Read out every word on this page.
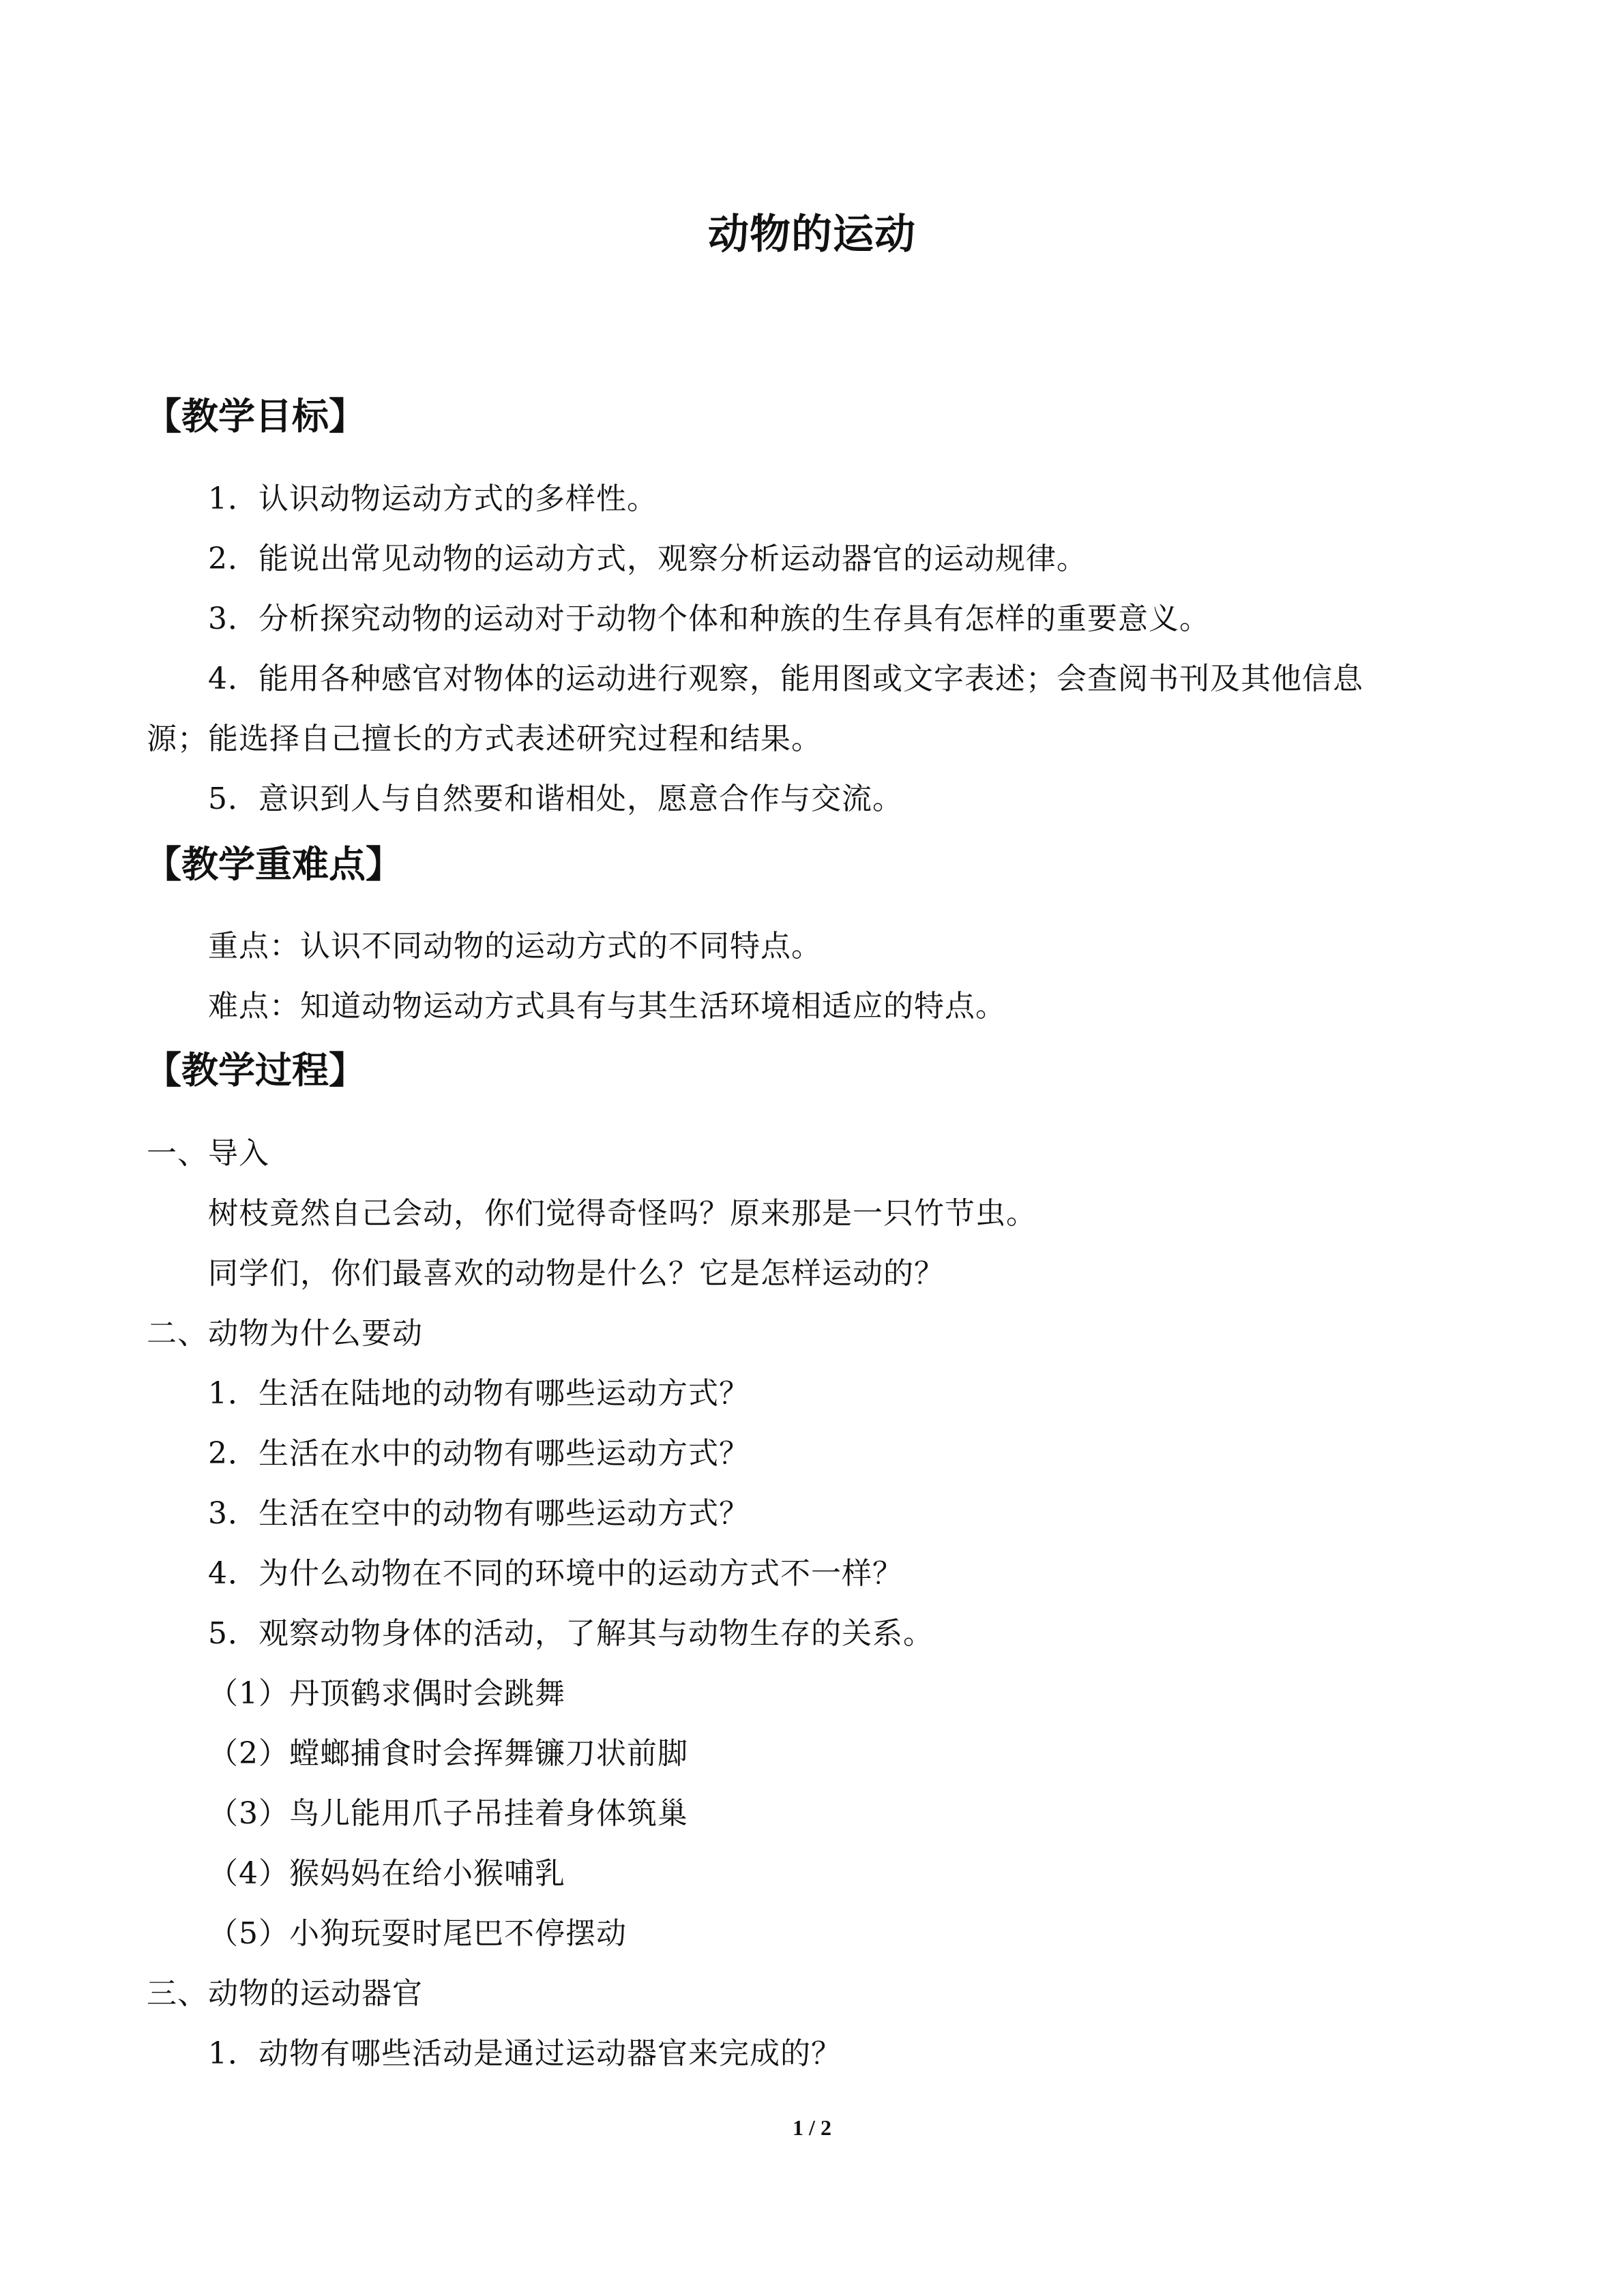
动物的运动
【教学目标】
1．认识动物运动方式的多样性。
2．能说出常见动物的运动方式，观察分析运动器官的运动规律。
3．分析探究动物的运动对于动物个体和种族的生存具有怎样的重要意义。
4．能用各种感官对物体的运动进行观察，能用图或文字表述；会查阅书刊及其他信息
源；能选择自己擅长的方式表述研究过程和结果。
5．意识到人与自然要和谐相处，愿意合作与交流。
【教学重难点】
重点：认识不同动物的运动方式的不同特点。
难点：知道动物运动方式具有与其生活环境相适应的特点。
【教学过程】
一、导入
树枝竟然自己会动，你们觉得奇怪吗？原来那是一只竹节虫。
同学们，你们最喜欢的动物是什么？它是怎样运动的？
二、动物为什么要动
1．生活在陆地的动物有哪些运动方式？
2．生活在水中的动物有哪些运动方式？
3．生活在空中的动物有哪些运动方式？
4．为什么动物在不同的环境中的运动方式不一样？
5．观察动物身体的活动，了解其与动物生存的关系。
（1）丹顶鹤求偶时会跳舞
（2）螳螂捕食时会挥舞镰刀状前脚
（3）鸟儿能用爪子吊挂着身体筑巢
（4）猴妈妈在给小猴哺乳
（5）小狗玩耍时尾巴不停摆动
三、动物的运动器官
1．动物有哪些活动是通过运动器官来完成的？
1 / 2
